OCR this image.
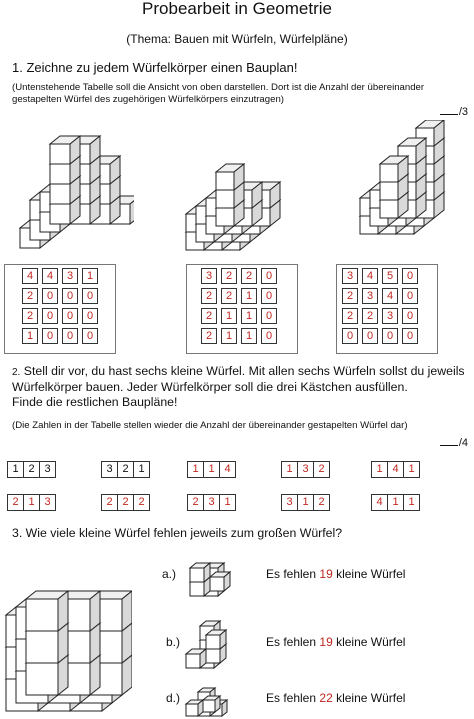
Probearbeit in Geometrie
(Thema: Bauen mit Würfeln, Würfelpläne)
1. Zeichne zu jedem Würfelkörper einen Bauplan!
(Untenstehende Tabelle soll die Ansicht von oben darstellen. Dort ist die Anzahl der übereinander
gestapelten Würfel des zugehörigen Würfelkörpers einzutragen)
/3
4	4	3	1
2	0	0	0
2	0	0	0
1	0	0	0
3	2	2	0
2	2	1	0
2	1	1	0
2	1	1	0
3	4	5	0
2	3	4	0
2	2	3	0
0	0	0	0
2. Stell dir vor, du hast sechs kleine Würfel. Mit allen sechs Würfeln sollst du jeweils
Würfelkörper bauen. Jeder Würfelkörper soll die drei Kästchen ausfüllen.
Finde die restlichen Baupläne!
(Die Zahlen in der Tabelle stellen wieder die Anzahl der übereinander gestapelten Würfel dar)
/4
1 2 3	3 2 1	1 1 4	1 3 2	1 4 1
2 1 3	2 2 2	2 3 1	3 1 2	4 1 1
3. Wie viele kleine Würfel fehlen jeweils zum großen Würfel?
a.)
b.)
d.)
Es fehlen 19 kleine Würfel
Es fehlen 19 kleine Würfel
Es fehlen 22 kleine Würfel
